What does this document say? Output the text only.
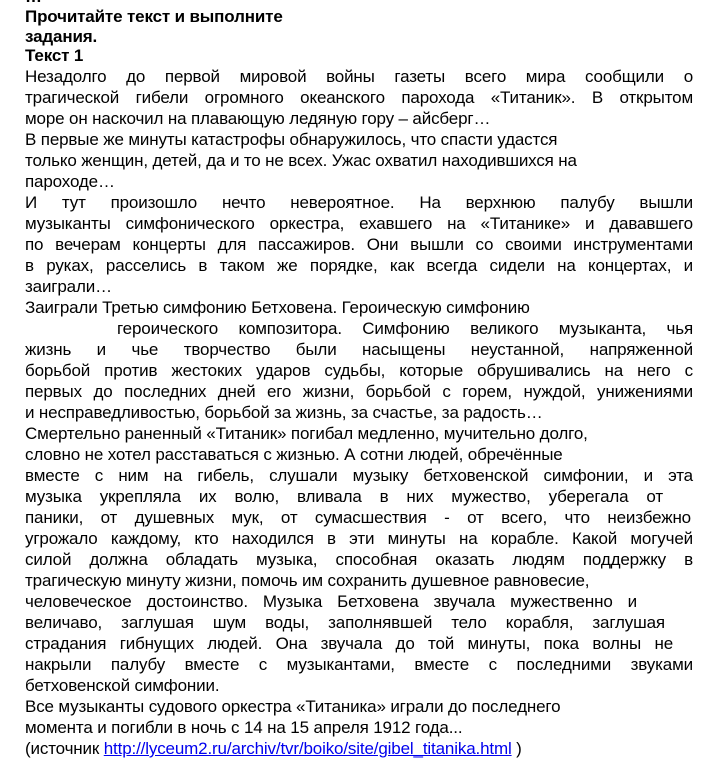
Прочитайте текст и выполните
задания.
Текст 1
Незадолго до первой мировой войны газеты всего мира сообщили о
трагической гибели огромного океанского парохода «Титаник». В открытом
море он наскочил на плавающую ледяную гору – айсберг…
В первые же минуты катастрофы обнаружилось, что спасти удастся
только женщин, детей, да и то не всех. Ужас охватил находившихся на
пароходе…
И тут произошло нечто невероятное. На верхнюю палубу вышли
музыканты симфонического оркестра, ехавшего на «Титанике» и дававшего
по вечерам концерты для пассажиров. Они вышли со своими инструментами
в руках, расселись в таком же порядке, как всегда сидели на концертах, и
заиграли…
Заиграли Третью симфонию Бетховена. Героическую симфонию
героического композитора. Симфонию великого музыканта, чья
жизнь и чье творчество были насыщены неустанной, напряженной
борьбой против жестоких ударов судьбы, которые обрушивались на него с
первых до последних дней его жизни, борьбой с горем, нуждой, унижениями
и несправедливостью, борьбой за жизнь, за счастье, за радость…
Смертельно раненный «Титаник» погибал медленно, мучительно долго,
словно не хотел расставаться с жизнью. А сотни людей, обречённые
вместе с ним на гибель, слушали музыку бетховенской симфонии, и эта
музыка укрепляла их волю, вливала в них мужество, уберегала от
паники, от душевных мук, от сумасшествия - от всего, что неизбежно
угрожало каждому, кто находился в эти минуты на корабле. Какой могучей
силой должна обладать музыка, способная оказать людям поддержку в
трагическую минуту жизни, помочь им сохранить душевное равновесие,
человеческое достоинство. Музыка Бетховена звучала мужественно и
величаво, заглушая шум воды, заполнявшей тело корабля, заглушая
страдания гибнущих людей. Она звучала до той минуты, пока волны не
накрыли палубу вместе с музыкантами, вместе с последними звуками
бетховенской симфонии.
Все музыканты судового оркестра «Титаника» играли до последнего
момента и погибли в ночь с 14 на 15 апреля 1912 года...
(источник http://lyceum2.ru/archiv/tvr/boiko/site/gibel_titanika.html )
